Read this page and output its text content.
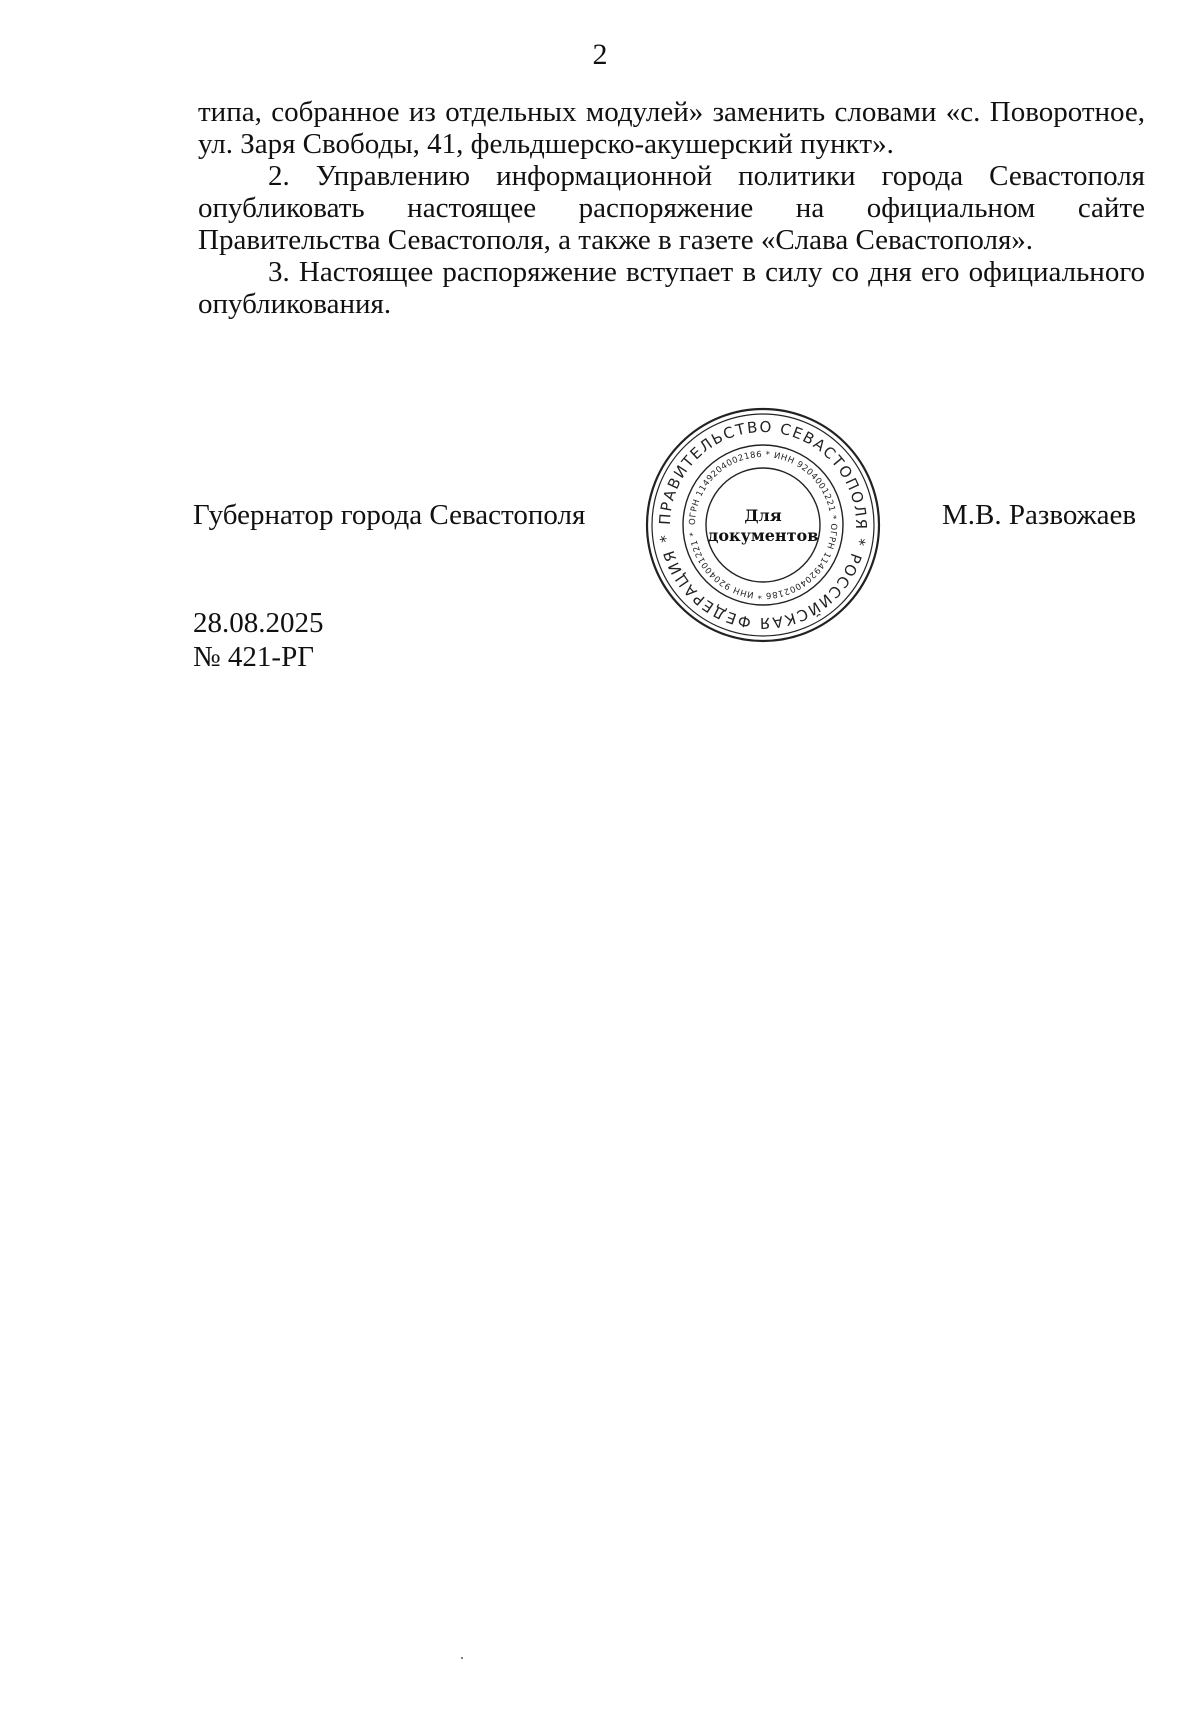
2

типа, собранное из отдельных модулей» заменить словами «с. Поворотное, ул. Заря Свободы, 41, фельдшерско-акушерский пункт».

2. Управлению информационной политики города Севастополя опубликовать настоящее распоряжение на официальном сайте Правительства Севастополя, а также в газете «Слава Севастополя».

3. Настоящее распоряжение вступает в силу со дня его официального опубликования.

Губернатор города Севастополя	М.В. Развожаев
ПРАВИТЕЛЬСТВО СЕВАСТОПОЛЯ * РОССИЙСКАЯ ФЕДЕРАЦИЯ *
ОГРН 1149204002186 * ИНН 9204001221 * ОГРН 1149204002186 * ИНН 9204001221 *
Для
документов
28.08.2025
№ 421-РГ
